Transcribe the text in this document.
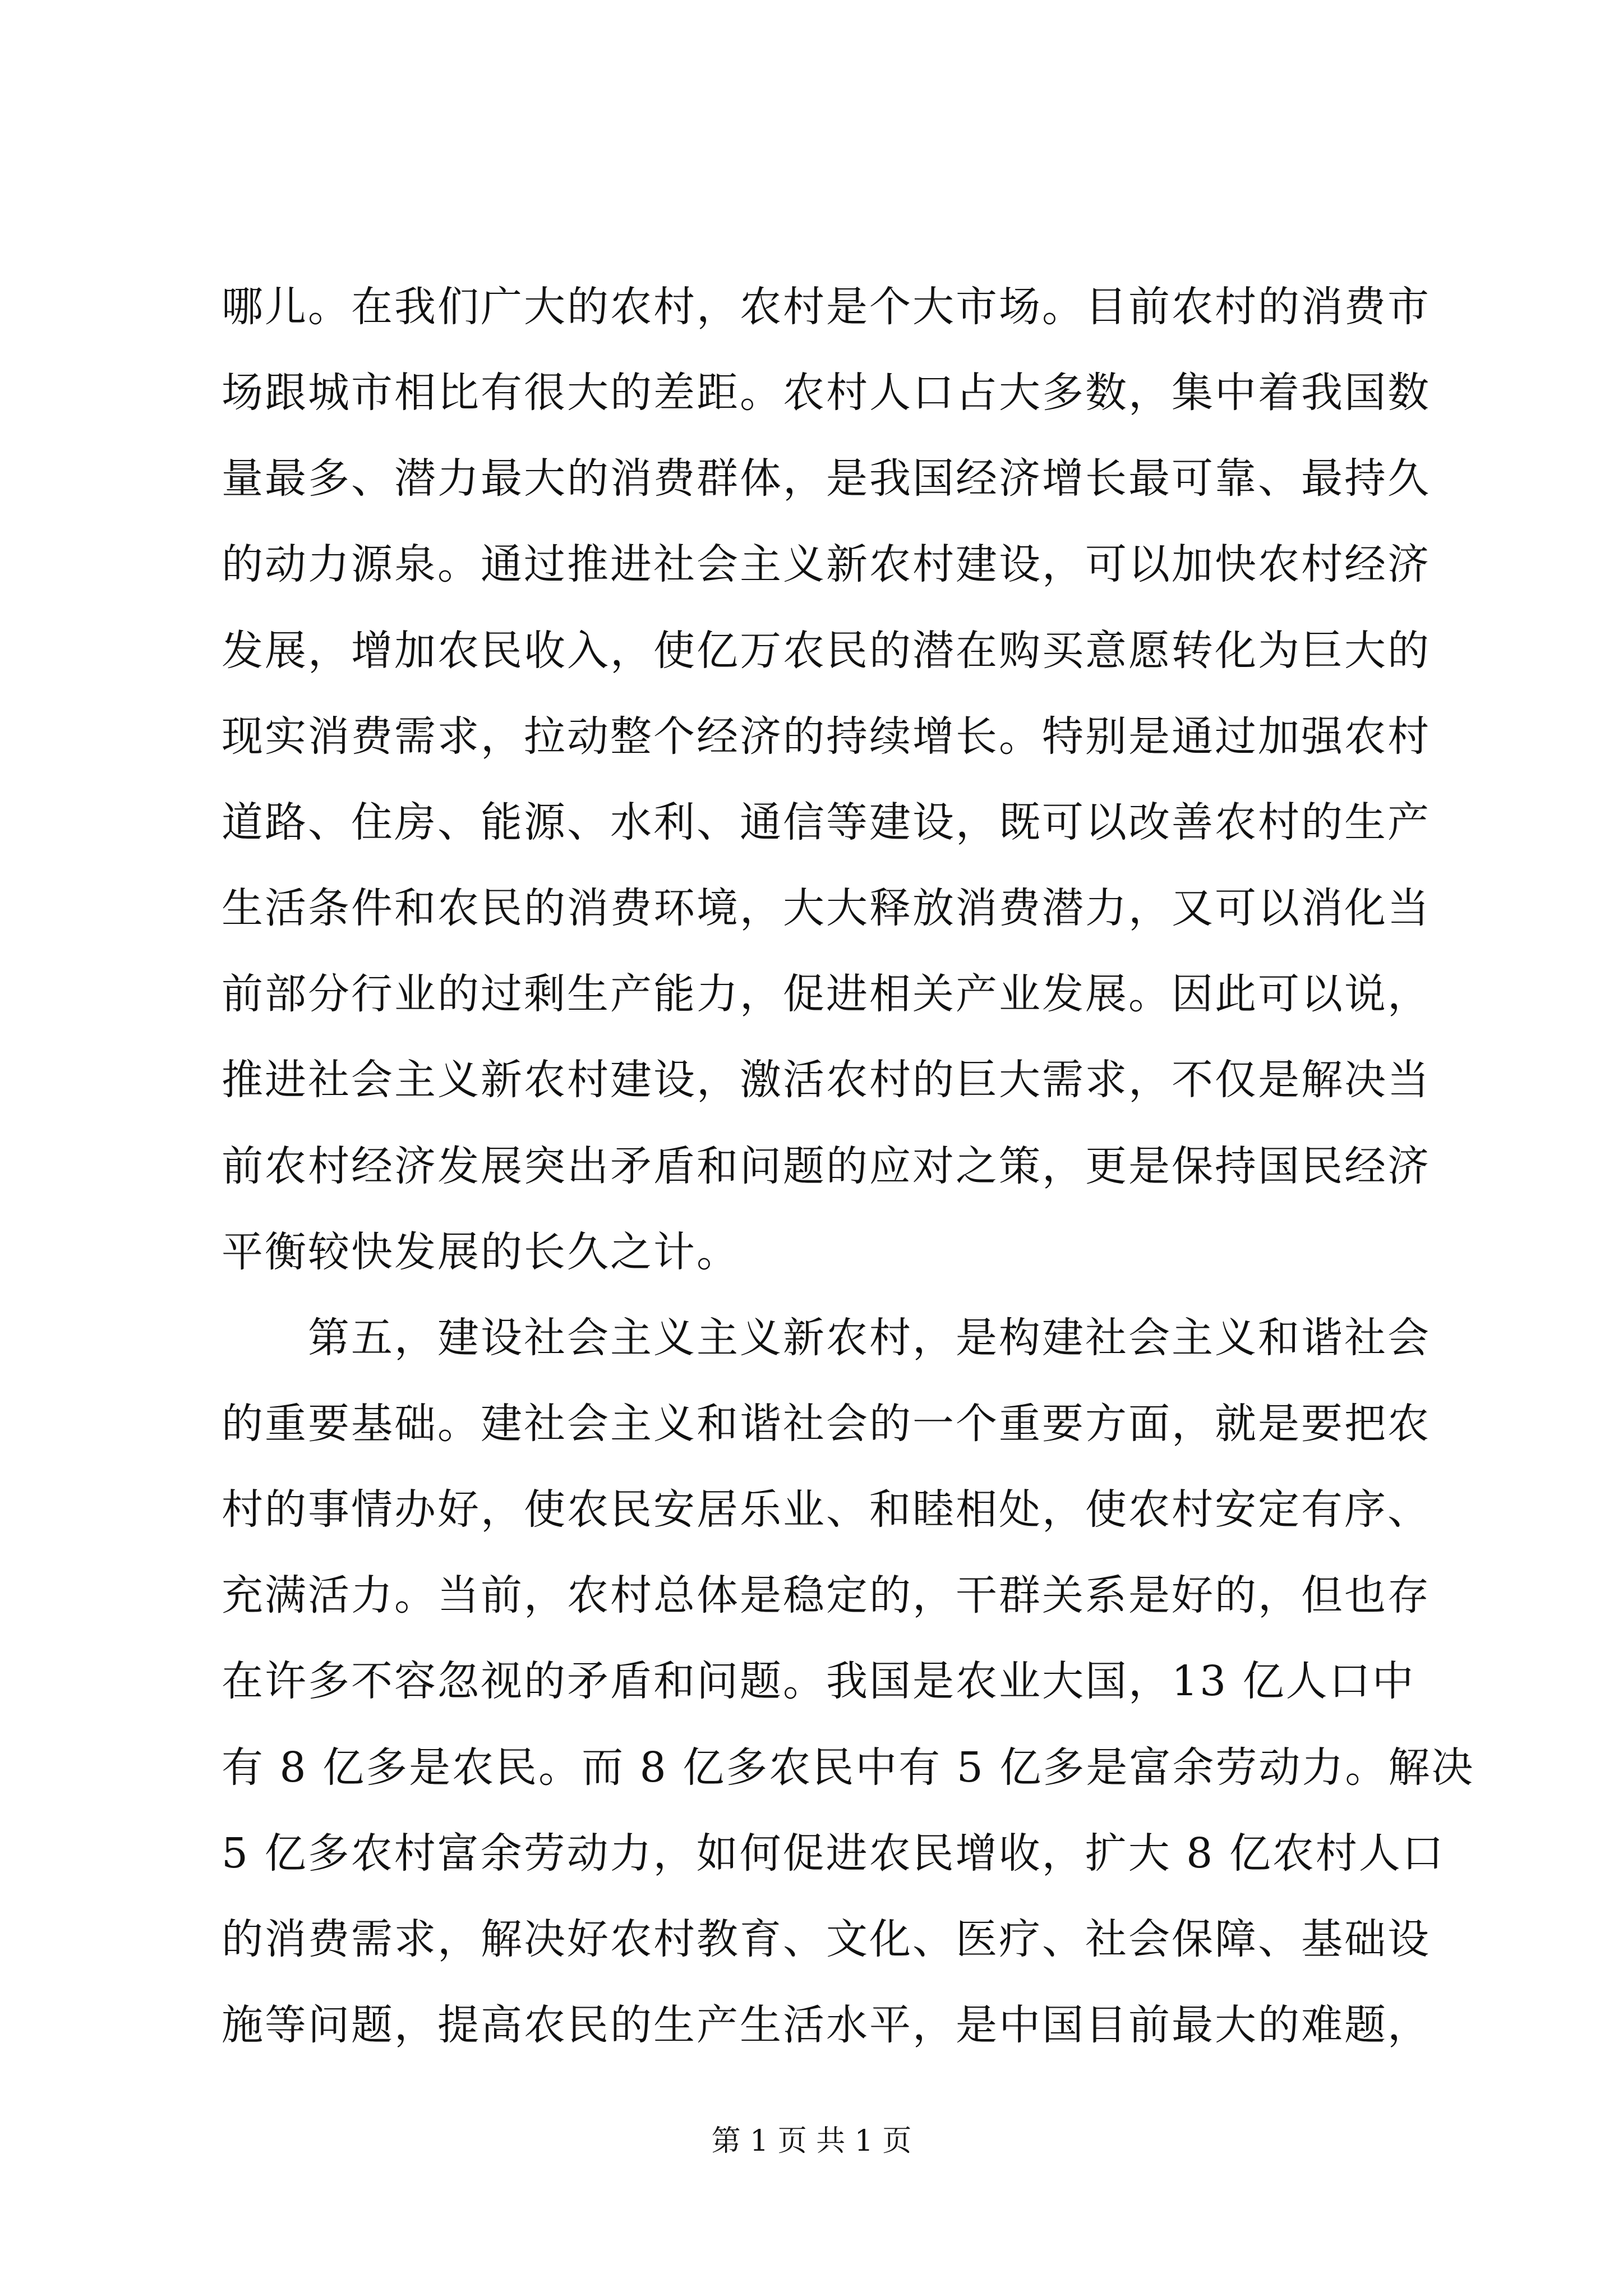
哪儿。在我们广大的农村，农村是个大市场。目前农村的消费市
场跟城市相比有很大的差距。农村人口占大多数，集中着我国数
量最多、潜力最大的消费群体，是我国经济增长最可靠、最持久
的动力源泉。通过推进社会主义新农村建设，可以加快农村经济
发展，增加农民收入，使亿万农民的潜在购买意愿转化为巨大的
现实消费需求，拉动整个经济的持续增长。特别是通过加强农村
道路、住房、能源、水利、通信等建设，既可以改善农村的生产
生活条件和农民的消费环境，大大释放消费潜力，又可以消化当
前部分行业的过剩生产能力，促进相关产业发展。因此可以说，
推进社会主义新农村建设，激活农村的巨大需求，不仅是解决当
前农村经济发展突出矛盾和问题的应对之策，更是保持国民经济
平衡较快发展的长久之计。
　　第五，建设社会主义主义新农村，是构建社会主义和谐社会
的重要基础。建社会主义和谐社会的一个重要方面，就是要把农
村的事情办好，使农民安居乐业、和睦相处，使农村安定有序、
充满活力。当前，农村总体是稳定的，干群关系是好的，但也存
在许多不容忽视的矛盾和问题。我国是农业大国，13 亿人口中
有 8 亿多是农民。而 8 亿多农民中有 5 亿多是富余劳动力。解决
5 亿多农村富余劳动力，如何促进农民增收，扩大 8 亿农村人口
的消费需求，解决好农村教育、文化、医疗、社会保障、基础设
施等问题，提高农民的生产生活水平，是中国目前最大的难题，
第 1 页 共 1 页
